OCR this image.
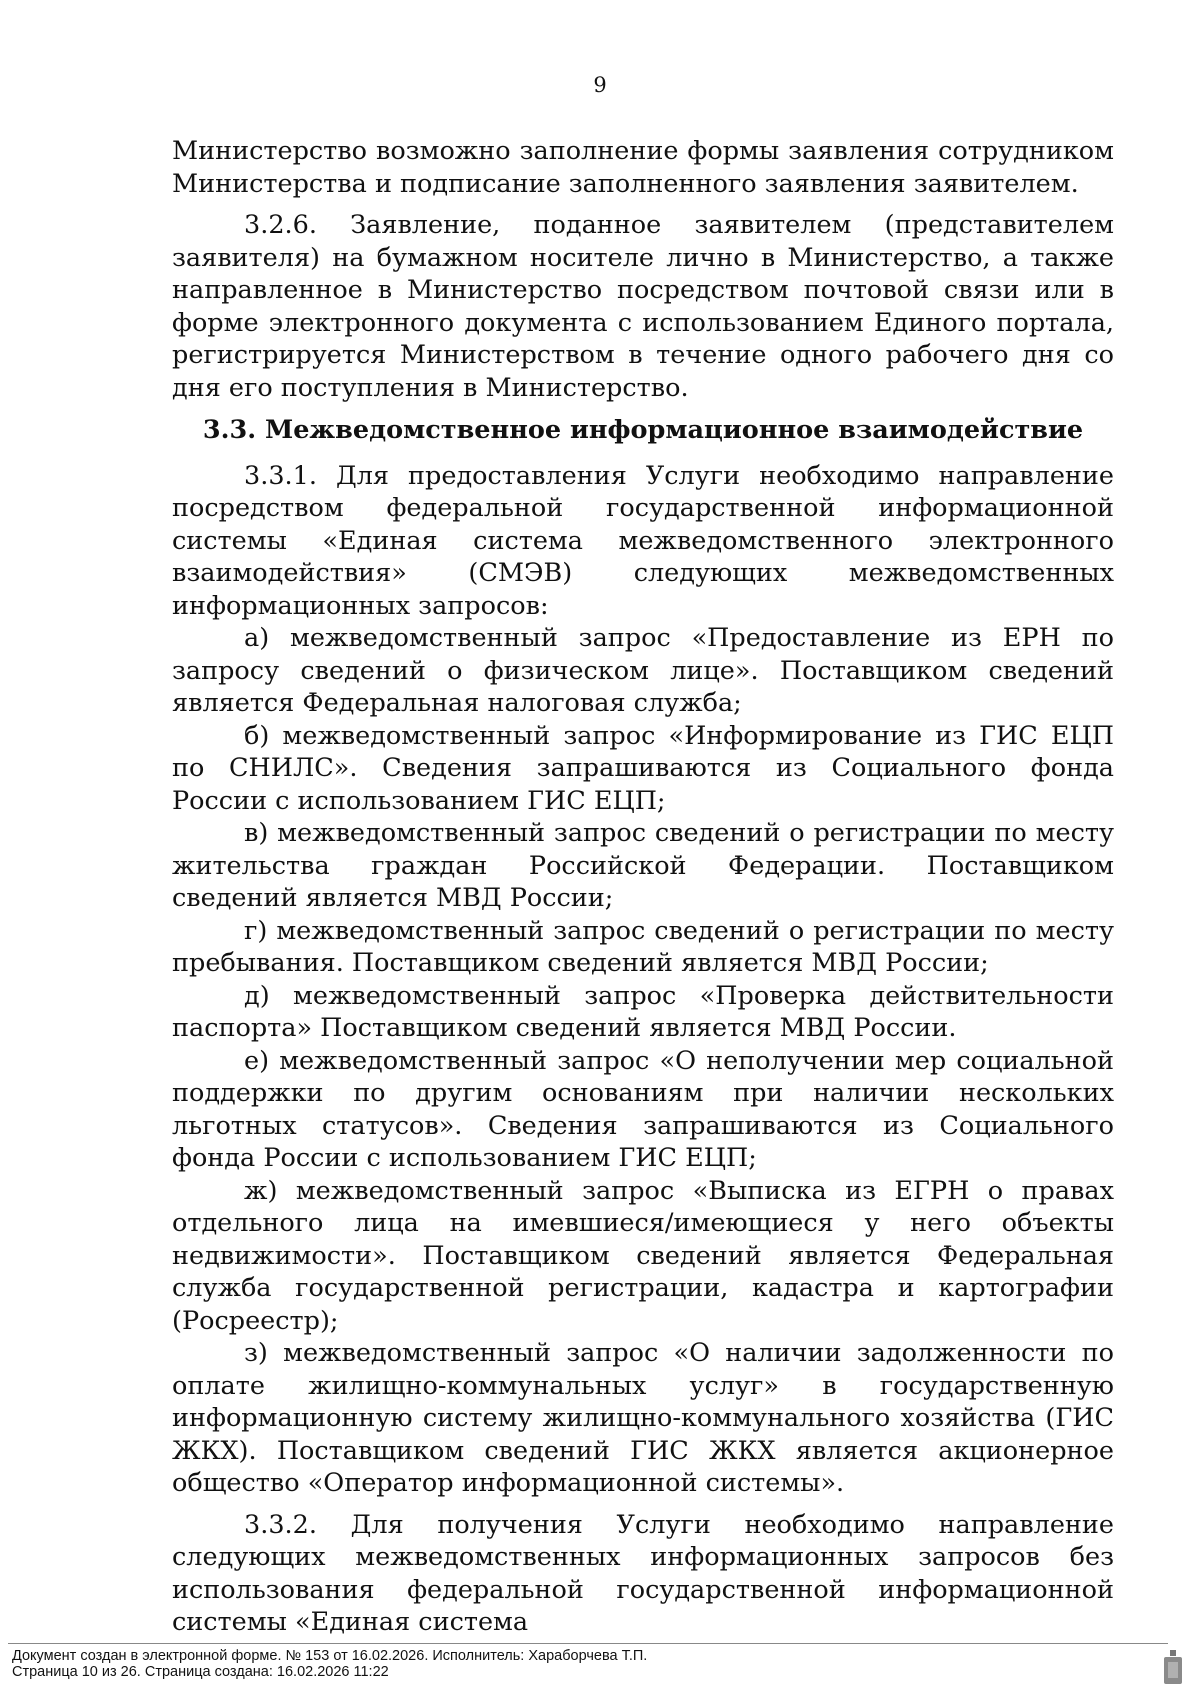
9

Министерство возможно заполнение формы заявления сотрудником Министерства и подписание заполненного заявления заявителем.

3.2.6. Заявление, поданное заявителем (представителем заявителя) на бумажном носителе лично в Министерство, а также направленное в Министерство посредством почтовой связи или в форме электронного документа с использованием Единого портала, регистрируется Министерством в течение одного рабочего дня со дня его поступления в Министерство.

3.3. Межведомственное информационное взаимодействие

3.3.1. Для предоставления Услуги необходимо направление посредством федеральной государственной информационной системы «Единая система межведомственного электронного взаимодействия» (СМЭВ) следующих межведомственных информационных запросов:

а) межведомственный запрос «Предоставление из ЕРН по запросу сведений о физическом лице». Поставщиком сведений является Федеральная налоговая служба;

б) межведомственный запрос «Информирование из ГИС ЕЦП по СНИЛС». Сведения запрашиваются из Социального фонда России с использованием ГИС ЕЦП;

в) межведомственный запрос сведений о регистрации по месту жительства граждан Российской Федерации. Поставщиком сведений является МВД России;

г) межведомственный запрос сведений о регистрации по месту пребывания. Поставщиком сведений является МВД России;

д) межведомственный запрос «Проверка действительности паспорта» Поставщиком сведений является МВД России.

е) межведомственный запрос «О неполучении мер социальной поддержки по другим основаниям при наличии нескольких льготных статусов». Сведения запрашиваются из Социального фонда России с использованием ГИС ЕЦП;

ж) межведомственный запрос «Выписка из ЕГРН о правах отдельного лица на имевшиеся/имеющиеся у него объекты недвижимости». Поставщиком сведений является Федеральная служба государственной регистрации, кадастра и картографии (Росреестр);

з) межведомственный запрос «О наличии задолженности по оплате жилищно-коммунальных услуг» в государственную информационную систему жилищно-коммунального хозяйства (ГИС ЖКХ). Поставщиком сведений ГИС ЖКХ является акционерное общество «Оператор информационной системы».

3.3.2. Для получения Услуги необходимо направление следующих межведомственных информационных запросов без использования федеральной государственной информационной системы «Единая система

Документ создан в электронной форме. № 153 от 16.02.2026. Исполнитель: Харaборчева Т.П.
Страница 10 из 26. Страница создана: 16.02.2026 11:22
